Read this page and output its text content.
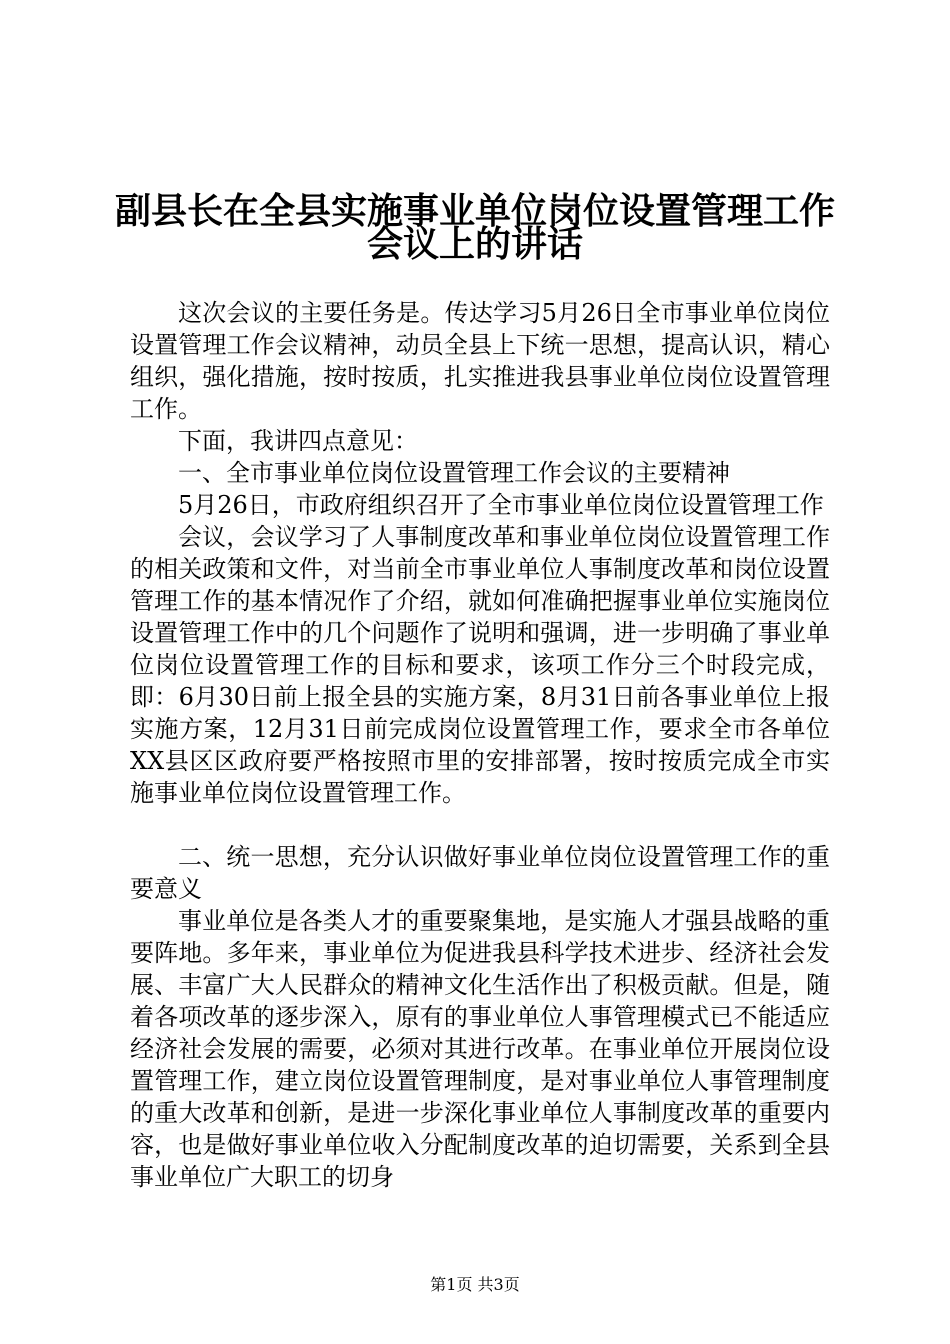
副县长在全县实施事业单位岗位设置管理工作
会议上的讲话

这次会议的主要任务是。传达学习5月26日全市事业单位岗位设置管理工作会议精神，动员全县上下统一思想，提高认识，精心组织，强化措施，按时按质，扎实推进我县事业单位岗位设置管理工作。

下面，我讲四点意见：

一、全市事业单位岗位设置管理工作会议的主要精神

5月26日，市政府组织召开了全市事业单位岗位设置管理工作

会议，会议学习了人事制度改革和事业单位岗位设置管理工作的相关政策和文件，对当前全市事业单位人事制度改革和岗位设置管理工作的基本情况作了介绍，就如何准确把握事业单位实施岗位设置管理工作中的几个问题作了说明和强调，进一步明确了事业单位岗位设置管理工作的目标和要求，该项工作分三个时段完成，即：6月30日前上报全县的实施方案，8月31日前各事业单位上报实施方案，12月31日前完成岗位设置管理工作，要求全市各单位XX县区区政府要严格按照市里的安排部署，按时按质完成全市实施事业单位岗位设置管理工作。

二、统一思想，充分认识做好事业单位岗位设置管理工作的重要意义

事业单位是各类人才的重要聚集地，是实施人才强县战略的重要阵地。多年来，事业单位为促进我县科学技术进步、经济社会发展、丰富广大人民群众的精神文化生活作出了积极贡献。但是，随着各项改革的逐步深入，原有的事业单位人事管理模式已不能适应经济社会发展的需要，必须对其进行改革。在事业单位开展岗位设置管理工作，建立岗位设置管理制度，是对事业单位人事管理制度的重大改革和创新，是进一步深化事业单位人事制度改革的重要内容，也是做好事业单位收入分配制度改革的迫切需要，关系到全县事业单位广大职工的切身

第1页 共3页
